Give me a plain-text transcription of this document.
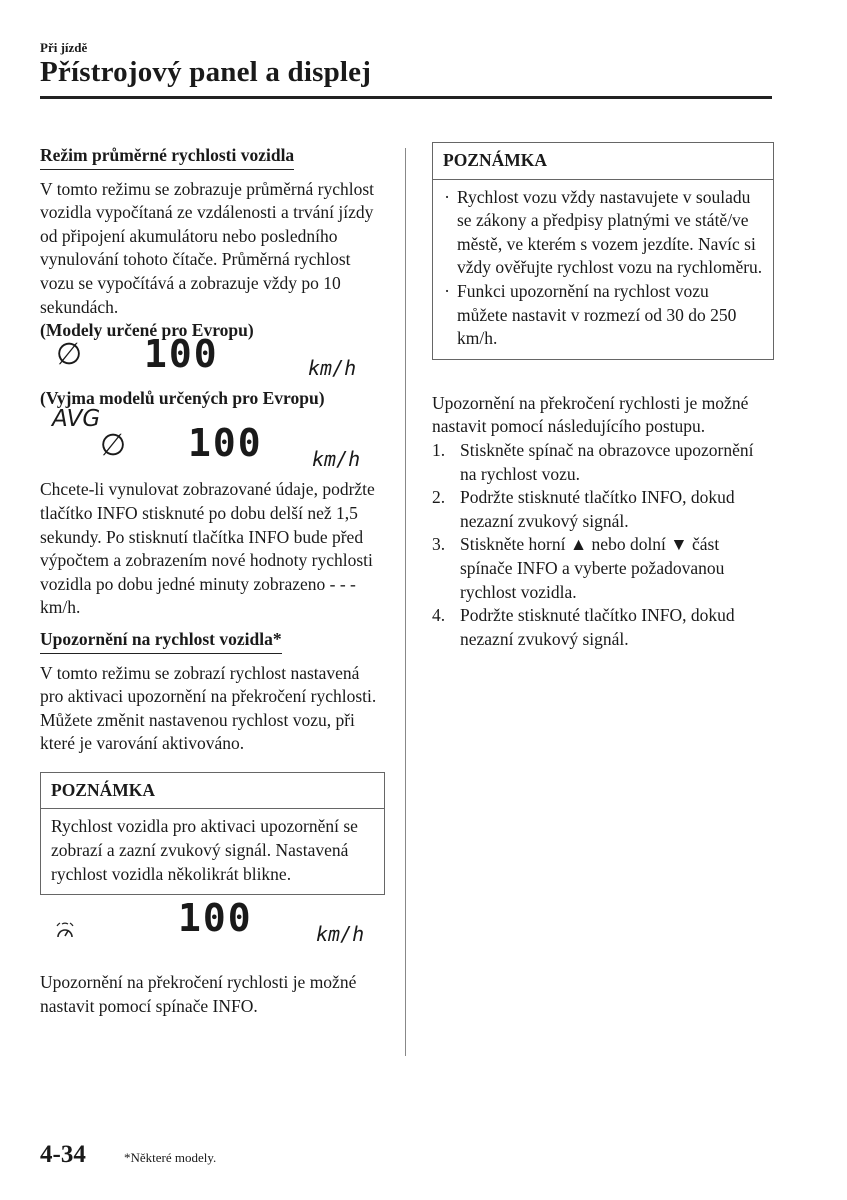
Při jízdě
Přístrojový panel a displej
Režim průměrné rychlosti vozidla

V tomto režimu se zobrazuje průměrná rychlost vozidla vypočítaná ze vzdálenosti a trvání jízdy od připojení akumulátoru nebo posledního vynulování tohoto čítače. Průměrná rychlost vozu se vypočítává a zobrazuje vždy po 10 sekundách.

(Modely určené pro Evropu)

∅ 100	km/h

(Vyjma modelů určených pro Evropu)

AVG
∅ 100 km/h

Chcete-li vynulovat zobrazované údaje, podržte tlačítko INFO stisknuté po dobu delší než 1,5 sekundy. Po stisknutí tlačítka INFO bude před výpočtem a zobrazením nové hodnoty rychlosti vozidla po dobu jedné minuty zobrazeno - - - km/h.

Upozornění na rychlost vozidla*

V tomto režimu se zobrazí rychlost nastavená pro aktivaci upozornění na překročení rychlosti. Můžete změnit nastavenou rychlost vozu, při které je varování aktivováno.

POZNÁMKA
Rychlost vozidla pro aktivaci upozornění se zobrazí a zazní zvukový signál. Nastavená rychlost vozidla několikrát blikne.
100	km/h

Upozornění na překročení rychlosti je možné nastavit pomocí spínače INFO.

POZNÁMKA
· Rychlost vozu vždy nastavujete v souladu se zákony a předpisy platnými ve státě/ve městě, ve kterém s vozem jezdíte. Navíc si vždy ověřujte rychlost vozu na rychloměru.
· Funkci upozornění na rychlost vozu můžete nastavit v rozmezí od 30 do 250 km/h.

Upozornění na překročení rychlosti je možné nastavit pomocí následujícího postupu.

1. Stiskněte spínač na obrazovce upozornění na rychlost vozu.
2. Podržte stisknuté tlačítko INFO, dokud nezazní zvukový signál.
3. Stiskněte horní ▲ nebo dolní ▼ část spínače INFO a vyberte požadovanou rychlost vozidla.
4. Podržte stisknuté tlačítko INFO, dokud nezazní zvukový signál.
4-34	*Některé modely.
